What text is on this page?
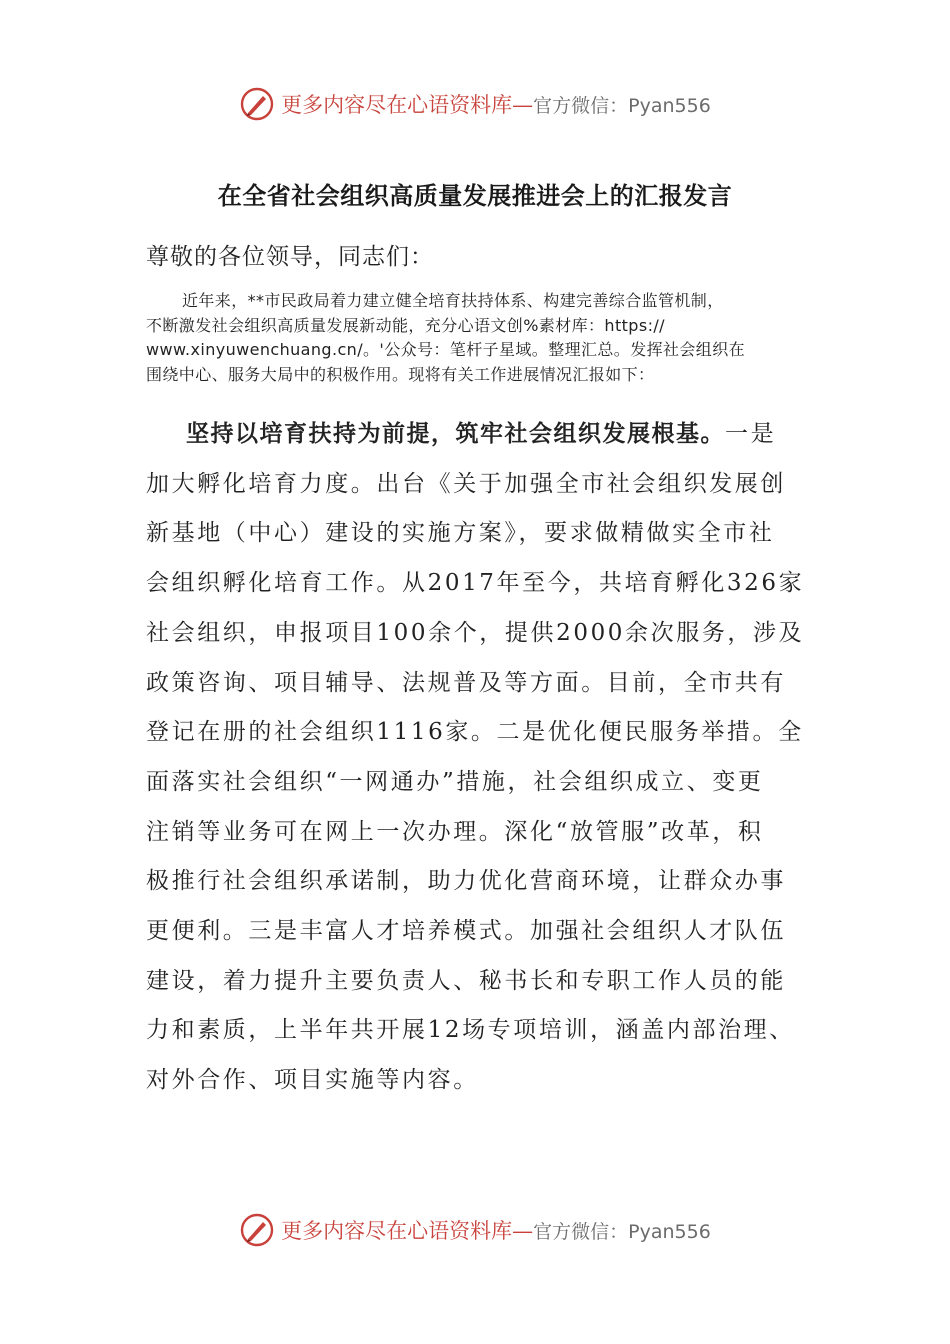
更多内容尽在心语资料库—官方微信：Pyan556
在全省社会组织高质量发展推进会上的汇报发言
尊敬的各位领导，同志们：
近年来，**市民政局着力建立健全培育扶持体系、构建完善综合监管机制，
不断激发社会组织高质量发展新动能，充分心语文创%素材库：https://
www.xinyuwenchuang.cn/。'公众号：笔杆子星域。整理汇总。发挥社会组织在
围绕中心、服务大局中的积极作用。现将有关工作进展情况汇报如下：
坚持以培育扶持为前提，筑牢社会组织发展根基。一是
加大孵化培育力度。出台《关于加强全市社会组织发展创
新基地（中心）建设的实施方案》，要求做精做实全市社
会组织孵化培育工作。从2017年至今，共培育孵化326家
社会组织，申报项目100余个，提供2000余次服务，涉及
政策咨询、项目辅导、法规普及等方面。目前，全市共有
登记在册的社会组织1116家。二是优化便民服务举措。全
面落实社会组织“一网通办”措施，社会组织成立、变更
注销等业务可在网上一次办理。深化“放管服”改革，积
极推行社会组织承诺制，助力优化营商环境，让群众办事
更便利。三是丰富人才培养模式。加强社会组织人才队伍
建设，着力提升主要负责人、秘书长和专职工作人员的能
力和素质，上半年共开展12场专项培训，涵盖内部治理、
对外合作、项目实施等内容。
更多内容尽在心语资料库—官方微信：Pyan556
